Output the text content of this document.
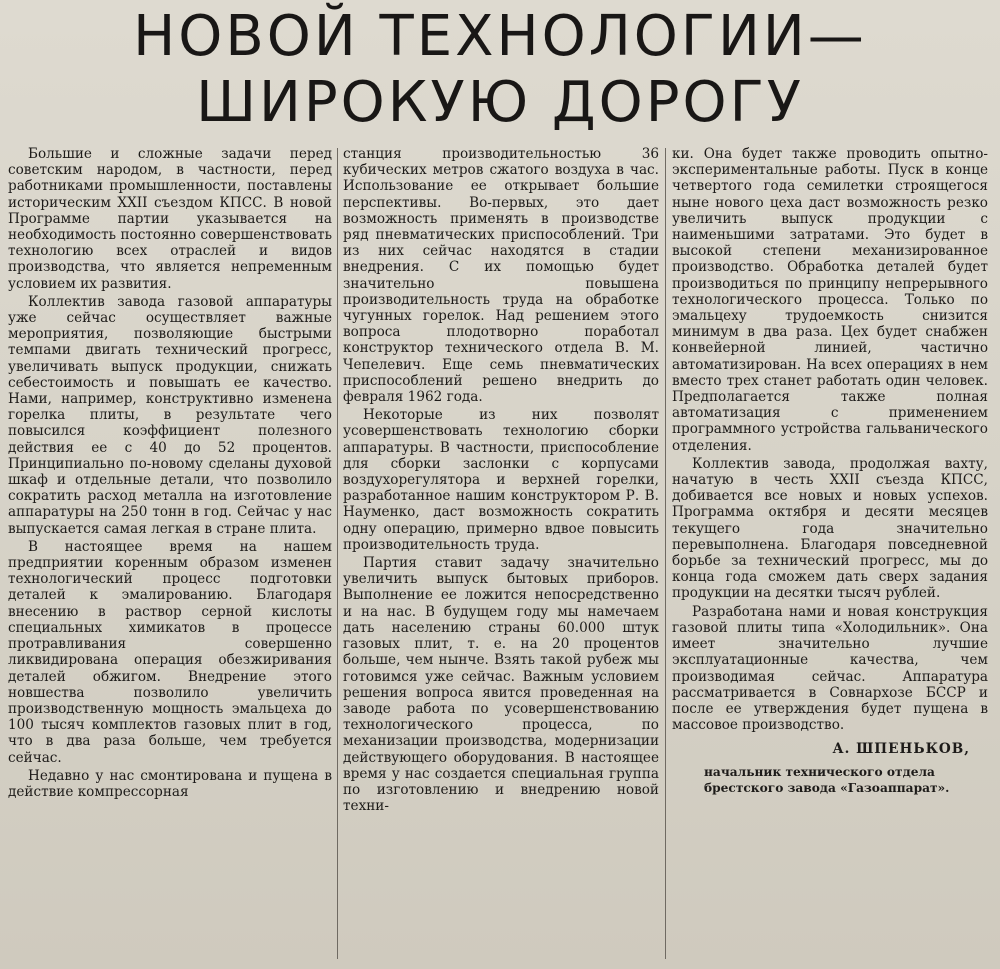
НОВОЙ ТЕХНОЛОГИИ—
ШИРОКУЮ ДОРОГУ

Большие и сложные задачи перед советским народом, в частности, перед работниками промышленности, поставлены историческим XXII съездом КПСС. В новой Программе партии указывается на необходимость постоянно совершенствовать технологию всех отраслей и видов производства, что является непременным условием их развития.

Коллектив завода газовой аппаратуры уже сейчас осуществляет важные мероприятия, позволяющие быстрыми темпами двигать технический прогресс, увеличивать выпуск продукции, снижать себестоимость и повышать ее качество. Нами, например, конструктивно изменена горелка плиты, в результате чего повысился коэффициент полезного действия ее с 40 до 52 процентов. Принципиально по-новому сделаны духовой шкаф и отдельные детали, что позволило сократить расход металла на изготовление аппаратуры на 250 тонн в год. Сейчас у нас выпускается самая легкая в стране плита.

В настоящее время на нашем предприятии коренным образом изменен технологический процесс подготовки деталей к эмалированию. Благодаря внесению в раствор серной кислоты специальных химикатов в процессе протравливания совершенно ликвидирована операция обезжиривания деталей обжигом. Внедрение этого новшества позволило увеличить производственную мощность эмальцеха до 100 тысяч комплектов газовых плит в год, что в два раза больше, чем требуется сейчас.

Недавно у нас смонтирована и пущена в действие компрессорная

станция производительностью 36 кубических метров сжатого воздуха в час. Использование ее открывает большие перспективы. Во-первых, это дает возможность применять в производстве ряд пневматических приспособлений. Три из них сейчас находятся в стадии внедрения. С их помощью будет значительно повышена производительность труда на обработке чугунных горелок. Над решением этого вопроса плодотворно поработал конструктор технического отдела В. М. Чепелевич. Еще семь пневматических приспособлений решено внедрить до февраля 1962 года.

Некоторые из них позволят усовершенствовать технологию сборки аппаратуры. В частности, приспособление для сборки заслонки с корпусами воздухорегулятора и верхней горелки, разработанное нашим конструктором Р. В. Науменко, даст возможность сократить одну операцию, примерно вдвое повысить производительность труда.

Партия ставит задачу значительно увеличить выпуск бытовых приборов. Выполнение ее ложится непосредственно и на нас. В будущем году мы намечаем дать населению страны 60.000 штук газовых плит, т. е. на 20 процентов больше, чем нынче. Взять такой рубеж мы готовимся уже сейчас. Важным условием решения вопроса явится проведенная на заводе работа по усовершенствованию технологического процесса, по механизации производства, модернизации действующего оборудования. В настоящее время у нас создается специальная группа по изготовлению и внедрению новой техни-

ки. Она будет также проводить опытно-экспериментальные работы. Пуск в конце четвертого года семилетки строящегося ныне нового цеха даст возможность резко увеличить выпуск продукции с наименьшими затратами. Это будет в высокой степени механизированное производство. Обработка деталей будет производиться по принципу непрерывного технологического процесса. Только по эмальцеху трудоемкость снизится минимум в два раза. Цех будет снабжен конвейерной линией, частично автоматизирован. На всех операциях в нем вместо трех станет работать один человек. Предполагается также полная автоматизация с применением программного устройства гальванического отделения.

Коллектив завода, продолжая вахту, начатую в честь XXII съезда КПСС, добивается все новых и новых успехов. Программа октября и десяти месяцев текущего года значительно перевыполнена. Благодаря повседневной борьбе за технический прогресс, мы до конца года сможем дать сверх задания продукции на десятки тысяч рублей.

Разработана нами и новая конструкция газовой плиты типа «Холодильник». Она имеет значительно лучшие эксплуатационные качества, чем производимая сейчас. Аппаратура рассматривается в Совнархозе БССР и после ее утверждения будет пущена в массовое производство.

А. ШПЕНЬКОВ,
начальник технического отдела брестского завода «Газоаппарат».
